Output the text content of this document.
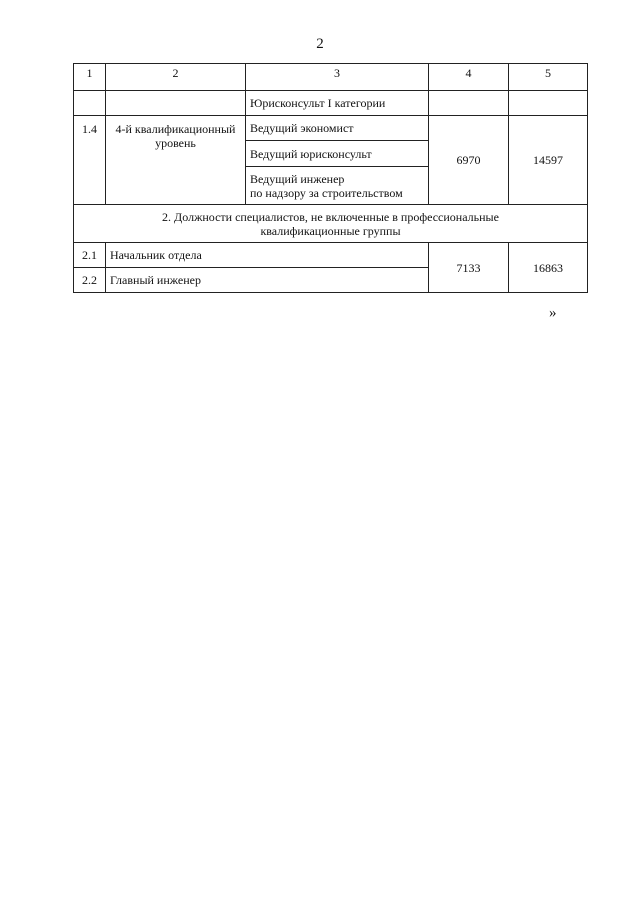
2
1	2	3	4	5
		Юрисконсульт I категории		
1.4	4-й квалификационный уровень	Ведущий экономист	6970	14597
		Ведущий юрисконсульт		

		Ведущий инженер
по надзору за строительством		

2. Должности специалистов, не включенные в профессиональные
квалификационные группы				

2.1	Начальник отдела		7133	16863
2.2	Главный инженер			
»
